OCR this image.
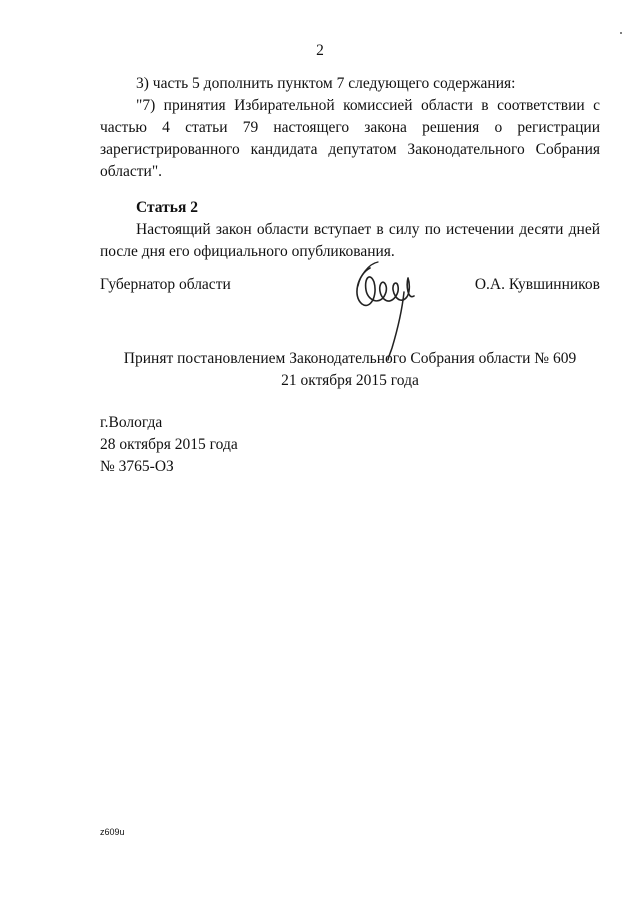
2

3) часть 5 дополнить пунктом 7 следующего содержания:

"7) принятия Избирательной комиссией области в соответствии с частью 4 статьи 79 настоящего закона решения о регистрации зарегистрированного кандидата депутатом Законодательного Собрания области".

Статья 2

Настоящий закон области вступает в силу по истечении десяти дней после дня его официального опубликования.

Губернатор области	О.А. Кувшинников
Принят постановлением Законодательного Собрания области № 609
21 октября 2015 года
г.Вологда
28 октября 2015 года
№ 3765-ОЗ
z609u
